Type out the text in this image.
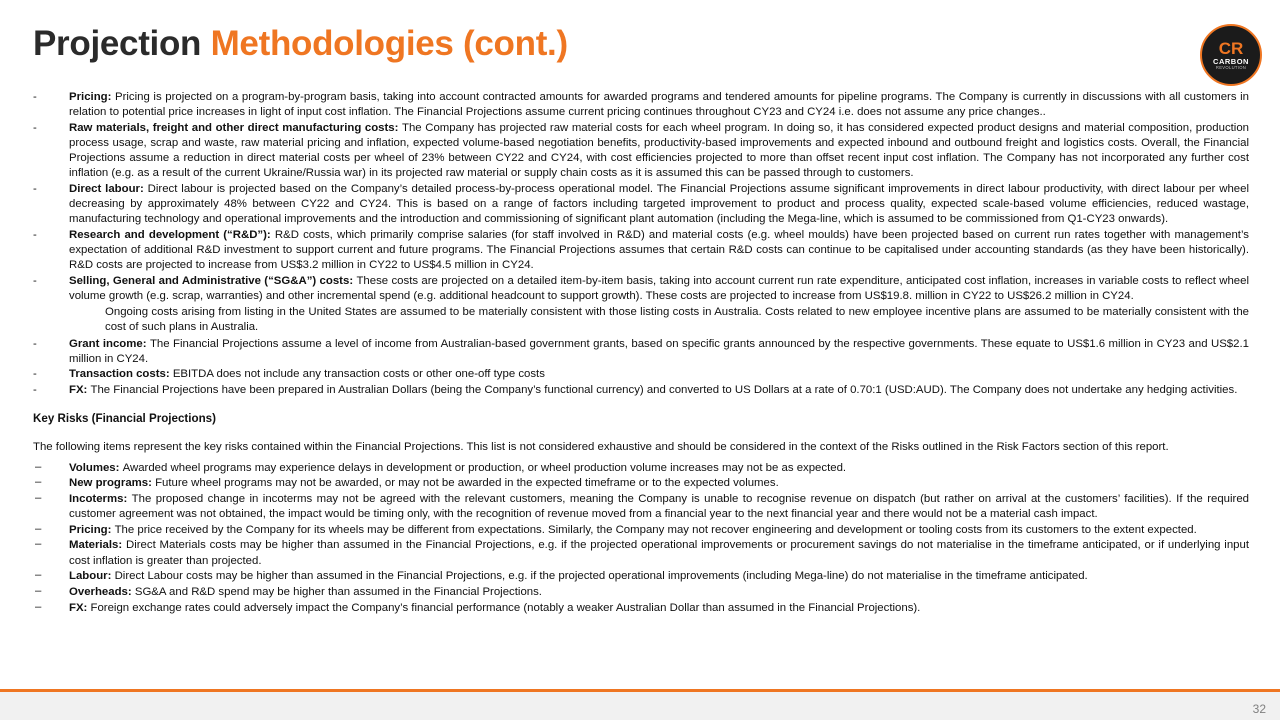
Projection Methodologies (cont.)	CR
CARBON
REVOLUTION
-	Pricing: Pricing is projected on a program-by-program basis, taking into account contracted amounts for awarded programs and tendered amounts for pipeline programs. The Company is currently in discussions with all customers in relation to potential price increases in light of input cost inflation. The Financial Projections assume current pricing continues throughout CY23 and CY24 i.e. does not assume any price changes..
-	Raw materials, freight and other direct manufacturing costs: The Company has projected raw material costs for each wheel program. In doing so, it has considered expected product designs and material composition, production process usage, scrap and waste, raw material pricing and inflation, expected volume-based negotiation benefits, productivity-based improvements and expected inbound and outbound freight and logistics costs. Overall, the Financial Projections assume a reduction in direct material costs per wheel of 23% between CY22 and CY24, with cost efficiencies projected to more than offset recent input cost inflation. The Company has not incorporated any further cost inflation (e.g. as a result of the current Ukraine/Russia war) in its projected raw material or supply chain costs as it is assumed this can be passed through to customers.
-	Direct labour: Direct labour is projected based on the Company’s detailed process-by-process operational model. The Financial Projections assume significant improvements in direct labour productivity, with direct labour per wheel decreasing by approximately 48% between CY22 and CY24. This is based on a range of factors including targeted improvement to product and process quality, expected scale-based volume efficiencies, reduced wastage, manufacturing technology and operational improvements and the introduction and commissioning of significant plant automation (including the Mega-line, which is assumed to be commissioned from Q1-CY23 onwards).
-	Research and development (“R&D”): R&D costs, which primarily comprise salaries (for staff involved in R&D) and material costs (e.g. wheel moulds) have been projected based on current run rates together with management’s expectation of additional R&D investment to support current and future programs. The Financial Projections assumes that certain R&D costs can continue to be capitalised under accounting standards (as they have been historically). R&D costs are projected to increase from US$3.2 million in CY22 to US$4.5 million in CY24.
-	Selling, General and Administrative (“SG&A”) costs: These costs are projected on a detailed item-by-item basis, taking into account current run rate expenditure, anticipated cost inflation, increases in variable costs to reflect wheel volume growth (e.g. scrap, warranties) and other incremental spend (e.g. additional headcount to support growth). These costs are projected to increase from US$19.8. million in CY22 to US$26.2 million in CY24.
Ongoing costs arising from listing in the United States are assumed to be materially consistent with those listing costs in Australia. Costs related to new employee incentive plans are assumed to be materially consistent with the cost of such plans in Australia.
-	Grant income: The Financial Projections assume a level of income from Australian-based government grants, based on specific grants announced by the respective governments. These equate to US$1.6 million in CY23 and US$2.1 million in CY24.
-	Transaction costs: EBITDA does not include any transaction costs or other one-off type costs
-	FX: The Financial Projections have been prepared in Australian Dollars (being the Company’s functional currency) and converted to US Dollars at a rate of 0.70:1 (USD:AUD). The Company does not undertake any hedging activities.
Key Risks (Financial Projections)
The following items represent the key risks contained within the Financial Projections. This list is not considered exhaustive and should be considered in the context of the Risks outlined in the Risk Factors section of this report.
‒	Volumes: Awarded wheel programs may experience delays in development or production, or wheel production volume increases may not be as expected.
‒	New programs: Future wheel programs may not be awarded, or may not be awarded in the expected timeframe or to the expected volumes.
‒	Incoterms: The proposed change in incoterms may not be agreed with the relevant customers, meaning the Company is unable to recognise revenue on dispatch (but rather on arrival at the customers’ facilities). If the required customer agreement was not obtained, the impact would be timing only, with the recognition of revenue moved from a financial year to the next financial year and there would not be a material cash impact.
‒	Pricing: The price received by the Company for its wheels may be different from expectations. Similarly, the Company may not recover engineering and development or tooling costs from its customers to the extent expected.
‒	Materials: Direct Materials costs may be higher than assumed in the Financial Projections, e.g. if the projected operational improvements or procurement savings do not materialise in the timeframe anticipated, or if underlying input cost inflation is greater than projected.
‒	Labour: Direct Labour costs may be higher than assumed in the Financial Projections, e.g. if the projected operational improvements (including Mega-line) do not materialise in the timeframe anticipated.
‒	Overheads: SG&A and R&D spend may be higher than assumed in the Financial Projections.
‒	FX: Foreign exchange rates could adversely impact the Company’s financial performance (notably a weaker Australian Dollar than assumed in the Financial Projections).
32
